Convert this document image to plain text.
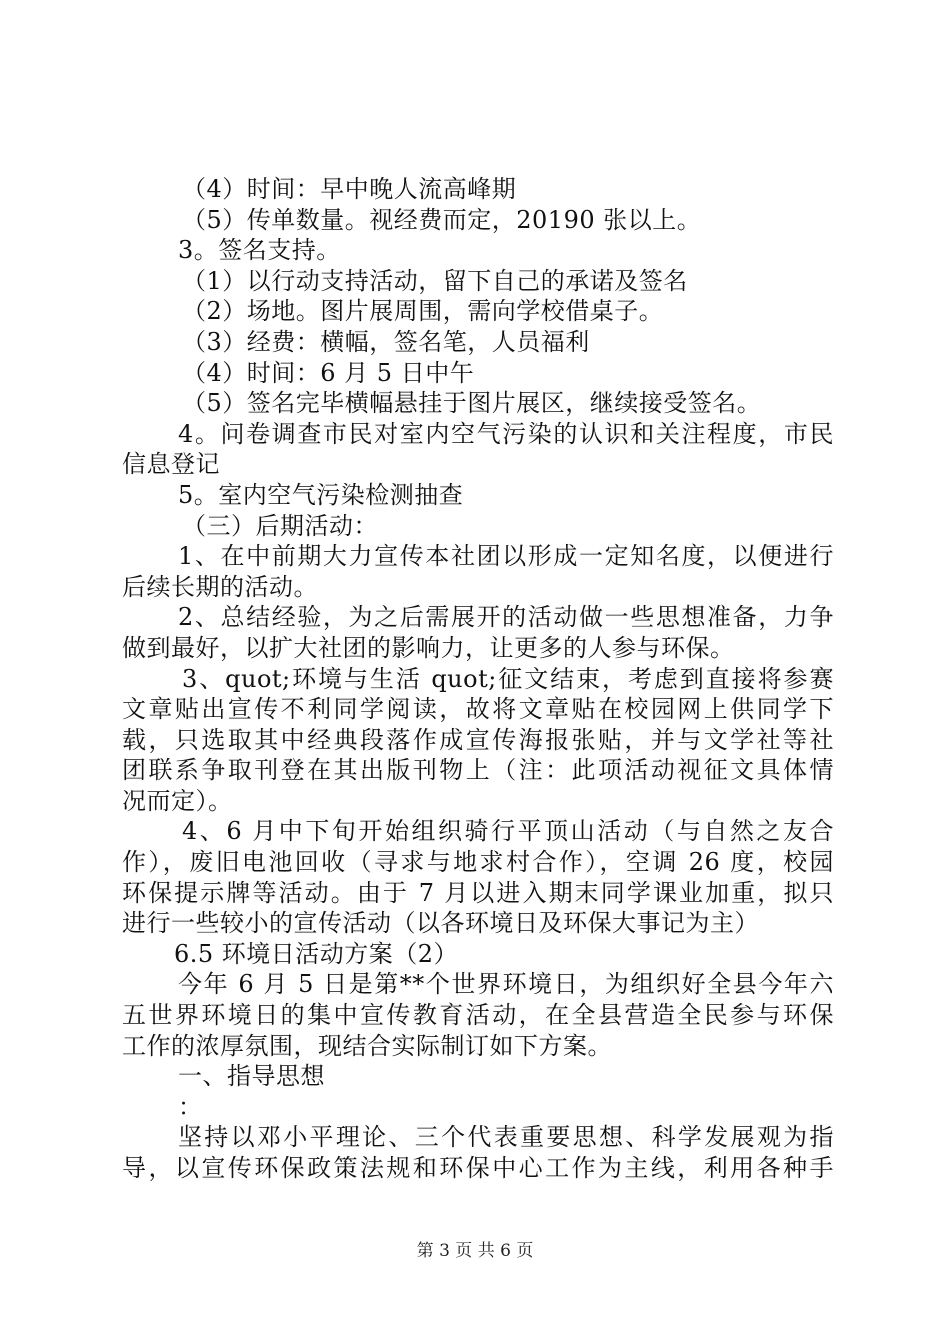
（4）时间：早中晚人流高峰期
（5）传单数量。视经费而定，20190 张以上。
3。签名支持。
（1）以行动支持活动，留下自己的承诺及签名
（2）场地。图片展周围，需向学校借桌子。
（3）经费：横幅，签名笔，人员福利
（4）时间：6 月 5 日中午
（5）签名完毕横幅悬挂于图片展区，继续接受签名。
4。问卷调查市民对室内空气污染的认识和关注程度，市民
信息登记
5。室内空气污染检测抽查
（三）后期活动：
1、在中前期大力宣传本社团以形成一定知名度，以便进行
后续长期的活动。
2、总结经验，为之后需展开的活动做一些思想准备，力争
做到最好，以扩大社团的影响力，让更多的人参与环保。
3、quot;环境与生活 quot;征文结束，考虑到直接将参赛
文章贴出宣传不利同学阅读，故将文章贴在校园网上供同学下
载，只选取其中经典段落作成宣传海报张贴，并与文学社等社
团联系争取刊登在其出版刊物上（注：此项活动视征文具体情
况而定）。
4、6 月中下旬开始组织骑行平顶山活动（与自然之友合
作），废旧电池回收（寻求与地求村合作），空调 26 度，校园
环保提示牌等活动。由于 7 月以进入期末同学课业加重，拟只
进行一些较小的宣传活动（以各环境日及环保大事记为主）
6.5 环境日活动方案（2）
今年 6 月 5 日是第**个世界环境日，为组织好全县今年六
五世界环境日的集中宣传教育活动，在全县营造全民参与环保
工作的浓厚氛围，现结合实际制订如下方案。
一、指导思想
：
坚持以邓小平理论、三个代表重要思想、科学发展观为指
导，以宣传环保政策法规和环保中心工作为主线，利用各种手
第 3 页 共 6 页
